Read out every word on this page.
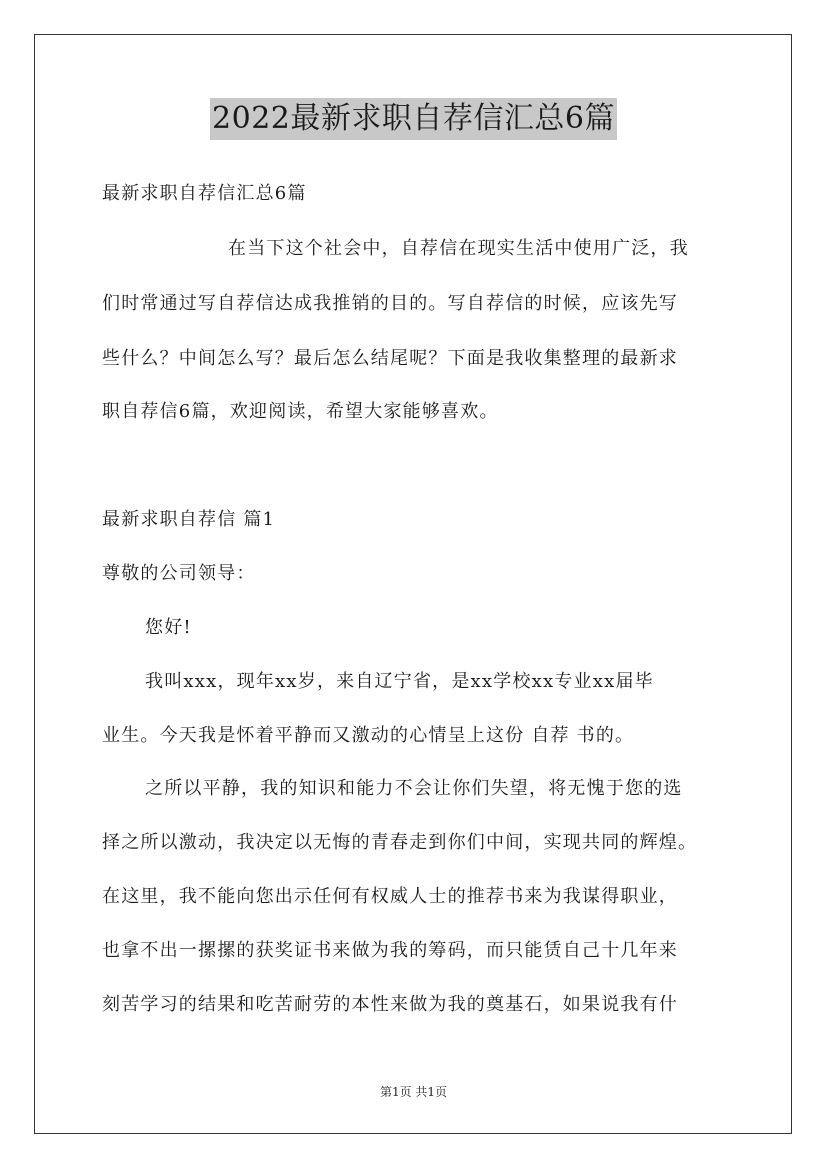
2022最新求职自荐信汇总6篇
最新求职自荐信汇总6篇
在当下这个社会中，自荐信在现实生活中使用广泛，我
们时常通过写自荐信达成我推销的目的。写自荐信的时候，应该先写
些什么？中间怎么写？最后怎么结尾呢？下面是我收集整理的最新求
职自荐信6篇，欢迎阅读，希望大家能够喜欢。
最新求职自荐信 篇1
尊敬的公司领导：
您好!
我叫xxx，现年xx岁，来自辽宁省，是xx学校xx专业xx届毕
业生。今天我是怀着平静而又激动的心情呈上这份 自荐 书的。
之所以平静，我的知识和能力不会让你们失望，将无愧于您的选
择之所以激动，我决定以无悔的青春走到你们中间，实现共同的辉煌。
在这里，我不能向您出示任何有权威人士的推荐书来为我谋得职业，
也拿不出一摞摞的获奖证书来做为我的筹码，而只能赁自己十几年来
刻苦学习的结果和吃苦耐劳的本性来做为我的奠基石，如果说我有什
第1页 共1页
